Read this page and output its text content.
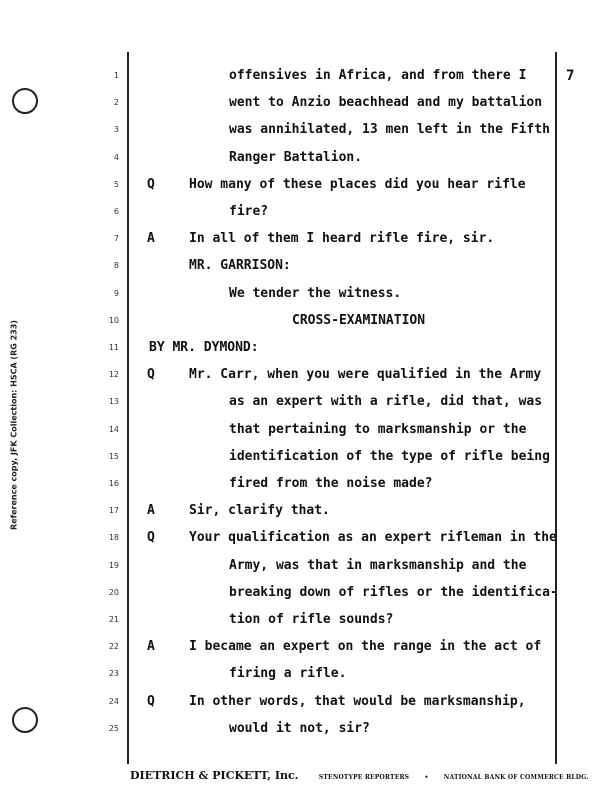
7
Reference copy, JFK Collection: HSCA (RG 233)
1	offensives in Africa, and from there I
2	went to Anzio beachhead and my battalion
3	was annihilated, 13 men left in the Fifth
4	Ranger Battalion.
5 Q	How many of these places did you hear rifle
6	fire?
7 A	In all of them I heard rifle fire, sir.
8	MR. GARRISON:
9	We tender the witness.
10	CROSS-EXAMINATION
11 BY MR. DYMOND:
12 Q	Mr. Carr, when you were qualified in the Army
13	as an expert with a rifle, did that, was
14	that pertaining to marksmanship or the
15	identification of the type of rifle being
16	fired from the noise made?
17 A	Sir, clarify that.
18 Q	Your qualification as an expert rifleman in the
19	Army, was that in marksmanship and the
20	breaking down of rifles or the identifica-
21	tion of rifle sounds?
22 A	I became an expert on the range in the act of
23	firing a rifle.
24 Q	In other words, that would be marksmanship,
25	would it not, sir?
DIETRICH & PICKETT, Inc.	STENOTYPE REPORTERS	•	NATIONAL BANK OF COMMERCE BLDG.
